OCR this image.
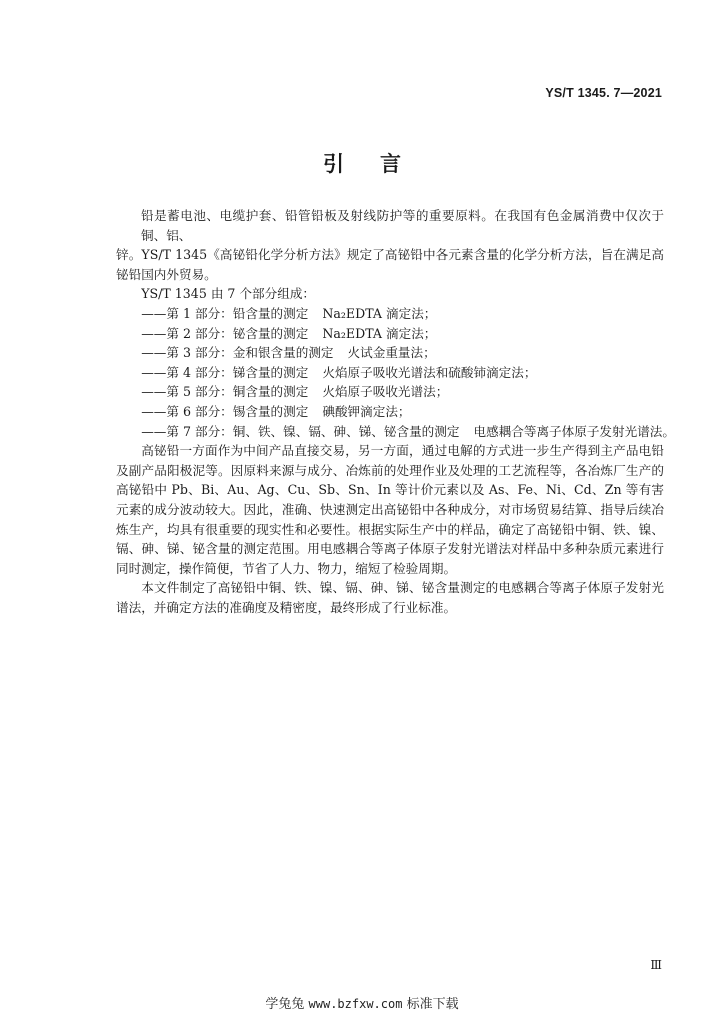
YS/T 1345. 7—2021
引言

铅是蓄电池、电缆护套、铅管铅板及射线防护等的重要原料。在我国有色金属消费中仅次于铜、铝、

锌。YS/T 1345《高铋铅化学分析方法》规定了高铋铅中各元素含量的化学分析方法，旨在满足高铋铅国内外贸易。

YS/T 1345 由 7 个部分组成：

——第 1 部分：铅含量的测定 Na₂EDTA 滴定法；
——第 2 部分：铋含量的测定 Na₂EDTA 滴定法；
——第 3 部分：金和银含量的测定 火试金重量法；
——第 4 部分：锑含量的测定 火焰原子吸收光谱法和硫酸铈滴定法；
——第 5 部分：铜含量的测定 火焰原子吸收光谱法；
——第 6 部分：锡含量的测定 碘酸钾滴定法；
——第 7 部分：铜、铁、镍、镉、砷、锑、铋含量的测定 电感耦合等离子体原子发射光谱法。

高铋铅一方面作为中间产品直接交易，另一方面，通过电解的方式进一步生产得到主产品电铅及副产品阳极泥等。因原料来源与成分、冶炼前的处理作业及处理的工艺流程等，各冶炼厂生产的高铋铅中 Pb、Bi、Au、Ag、Cu、Sb、Sn、In 等计价元素以及 As、Fe、Ni、Cd、Zn 等有害元素的成分波动较大。因此，准确、快速测定出高铋铅中各种成分，对市场贸易结算、指导后续冶炼生产，均具有很重要的现实性和必要性。根据实际生产中的样品，确定了高铋铅中铜、铁、镍、镉、砷、锑、铋含量的测定范围。用电感耦合等离子体原子发射光谱法对样品中多种杂质元素进行同时测定，操作简便，节省了人力、物力，缩短了检验周期。

本文件制定了高铋铅中铜、铁、镍、镉、砷、锑、铋含量测定的电感耦合等离子体原子发射光谱法，并确定方法的准确度及精密度，最终形成了行业标准。

Ⅲ
学兔兔 www.bzfxw.com 标准下载
